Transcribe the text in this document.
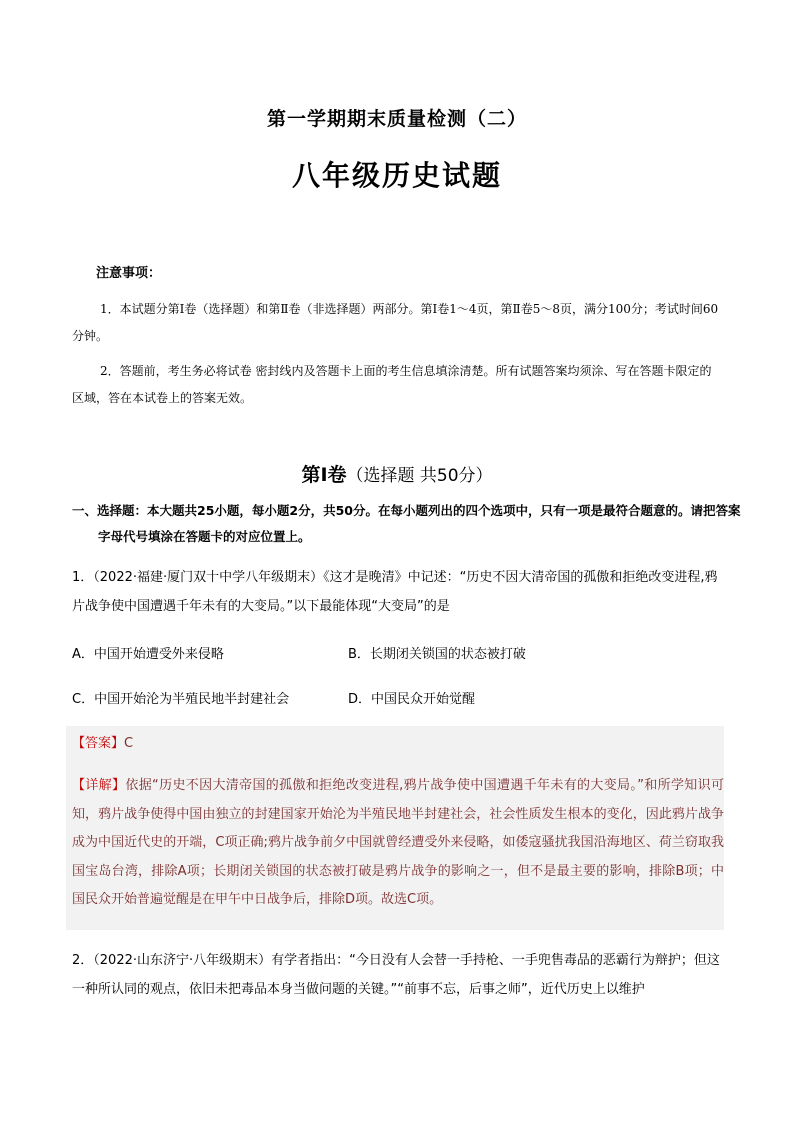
第一学期期末质量检测（二）
八年级历史试题
注意事项：
1．本试题分第Ⅰ卷（选择题）和第Ⅱ卷（非选择题）两部分。第Ⅰ卷1～4页，第Ⅱ卷5～8页，满分100分；考试时间60分钟。
2．答题前，考生务必将试卷 密封线内及答题卡上面的考生信息填涂清楚。所有试题答案均须涂、写在答题卡限定的区域，答在本试卷上的答案无效。
第Ⅰ卷（选择题 共50分）
一、选择题：本大题共25小题，每小题2分，共50分。在每小题列出的四个选项中，只有一项是最符合题意的。请把答案字母代号填涂在答题卡的对应位置上。
1．（2022·福建·厦门双十中学八年级期末）《这才是晚清》中记述：“历史不因大清帝国的孤傲和拒绝改变进程,鸦片战争使中国遭遇千年未有的大变局。”以下最能体现“大变局”的是
A．中国开始遭受外来侵略	B．长期闭关锁国的状态被打破
C．中国开始沦为半殖民地半封建社会	D．中国民众开始觉醒
【答案】C
【详解】依据“历史不因大清帝国的孤傲和拒绝改变进程,鸦片战争使中国遭遇千年未有的大变局。”和所学知识可知，鸦片战争使得中国由独立的封建国家开始沦为半殖民地半封建社会，社会性质发生根本的变化，因此鸦片战争成为中国近代史的开端，C项正确;鸦片战争前夕中国就曾经遭受外来侵略，如倭寇骚扰我国沿海地区、荷兰窃取我国宝岛台湾，排除A项；长期闭关锁国的状态被打破是鸦片战争的影响之一，但不是最主要的影响，排除B项；中国民众开始普遍觉醒是在甲午中日战争后，排除D项。故选C项。
2．（2022·山东济宁·八年级期末）有学者指出：“今日没有人会替一手持枪、一手兜售毒品的恶霸行为辩护；但这一种所认同的观点，依旧未把毒品本身当做问题的关键。”“前事不忘，后事之师”，近代历史上以维护
